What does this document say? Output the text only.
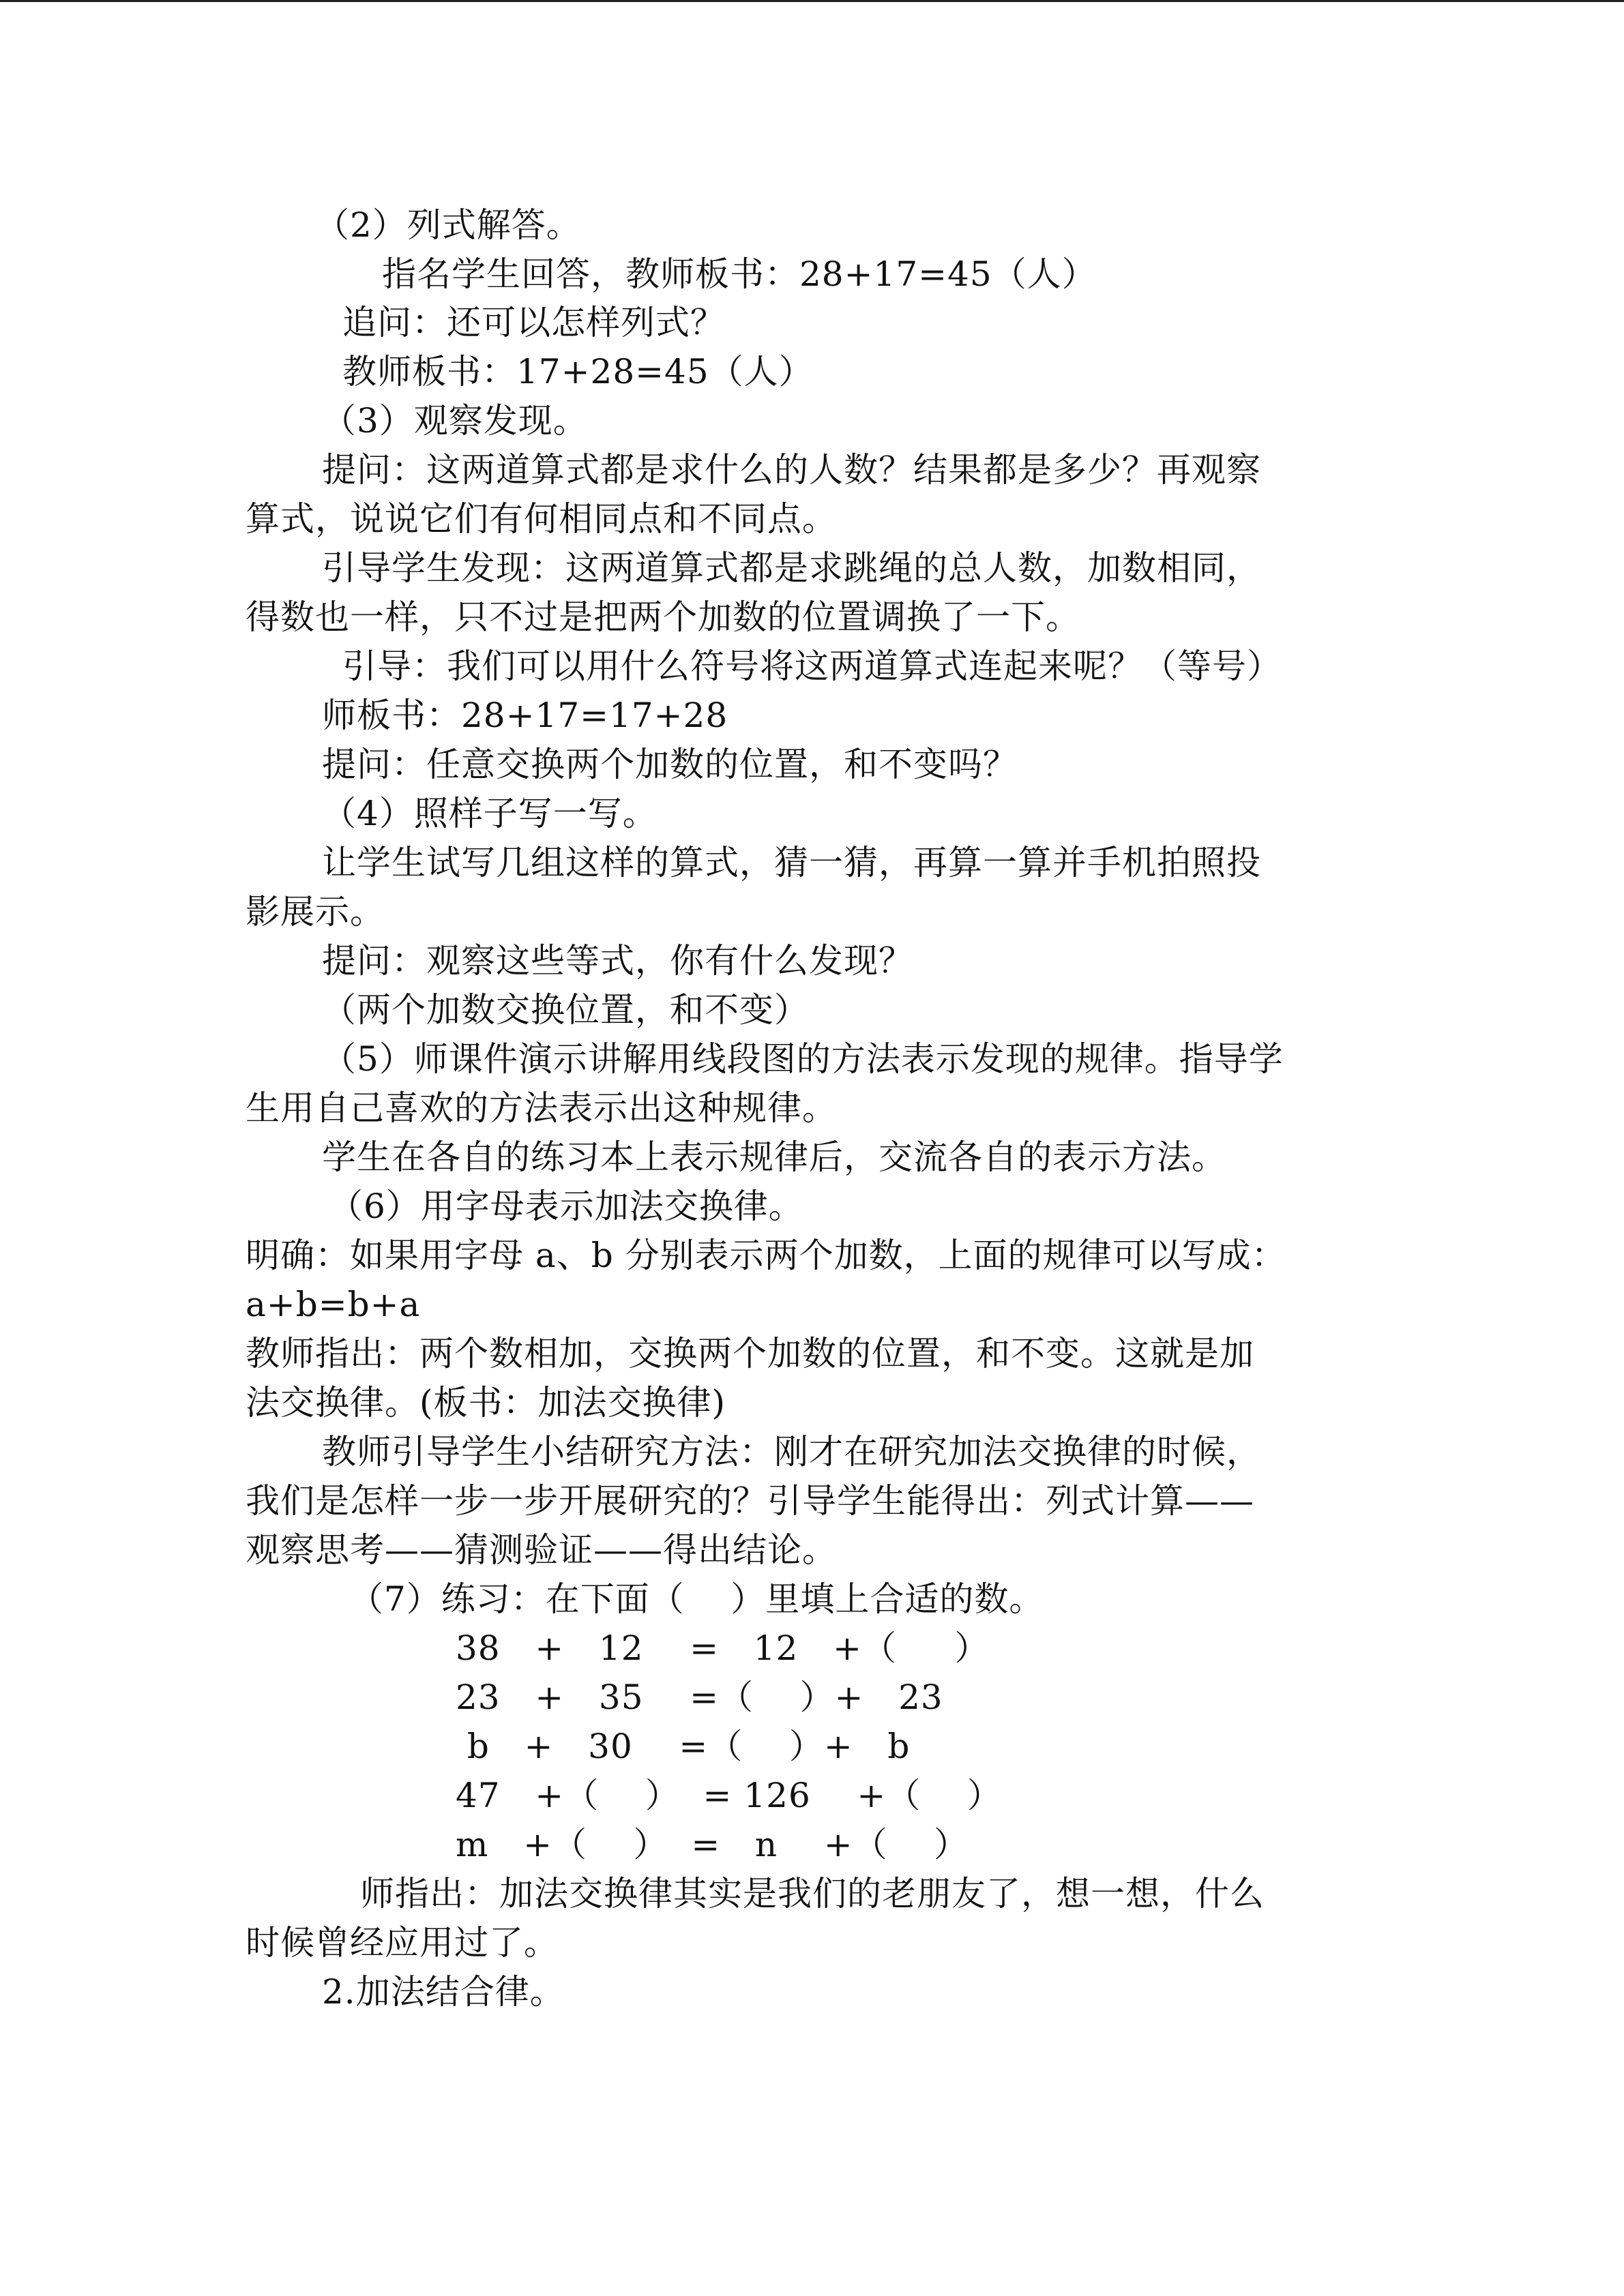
（2）列式解答。
指名学生回答，教师板书：28+17=45（人）
追问：还可以怎样列式？
教师板书：17+28=45（人）
（3）观察发现。
提问：这两道算式都是求什么的人数？结果都是多少？再观察
算式，说说它们有何相同点和不同点。
引导学生发现：这两道算式都是求跳绳的总人数，加数相同，
得数也一样，只不过是把两个加数的位置调换了一下。
引导：我们可以用什么符号将这两道算式连起来呢？（等号）
师板书：28+17=17+28
提问：任意交换两个加数的位置，和不变吗？
（4）照样子写一写。
让学生试写几组这样的算式，猜一猜，再算一算并手机拍照投
影展示。
提问：观察这些等式，你有什么发现？
（两个加数交换位置，和不变）
（5）师课件演示讲解用线段图的方法表示发现的规律。指导学
生用自己喜欢的方法表示出这种规律。
学生在各自的练习本上表示规律后，交流各自的表示方法。
（6）用字母表示加法交换律。
明确：如果用字母 a、b 分别表示两个加数，上面的规律可以写成：
a+b=b+a
教师指出：两个数相加，交换两个加数的位置，和不变。这就是加
法交换律。(板书：加法交换律)
教师引导学生小结研究方法：刚才在研究加法交换律的时候，
我们是怎样一步一步开展研究的？引导学生能得出：列式计算——
观察思考——猜测验证——得出结论。
（7）练习：在下面（    ）里填上合适的数。
38   +   12    =   12   +（     ）
23   +   35    =（    ）+   23
b   +   30    =（    ）+   b
47   +（    ）  = 126    +（    ）
m   +（    ）  =   n    +（    ）
师指出：加法交换律其实是我们的老朋友了，想一想，什么
时候曾经应用过了。
2.加法结合律。
